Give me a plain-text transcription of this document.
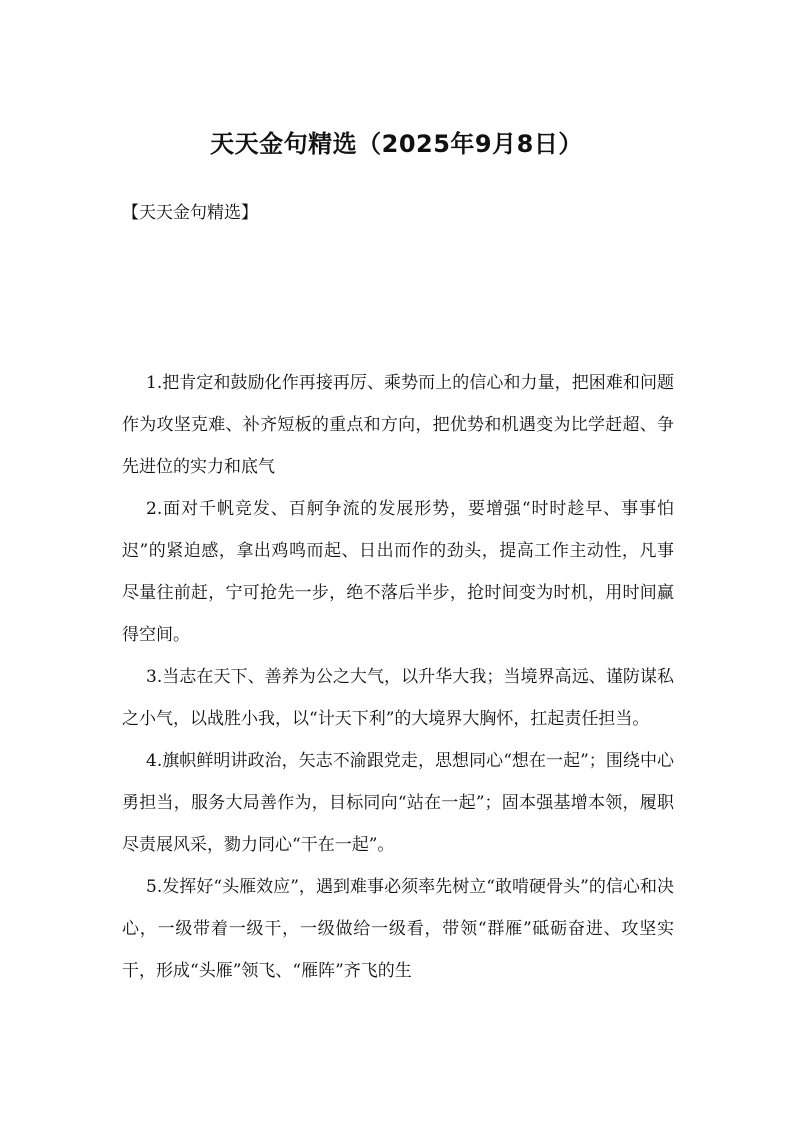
天天金句精选（2025年9月8日）

【天天金句精选】

1.把肯定和鼓励化作再接再厉、乘势而上的信心和力量，把困难和问题作为攻坚克难、补齐短板的重点和方向，把优势和机遇变为比学赶超、争先进位的实力和底气

2.面对千帆竞发、百舸争流的发展形势，要增强“时时趁早、事事怕迟”的紧迫感，拿出鸡鸣而起、日出而作的劲头，提高工作主动性，凡事尽量往前赶，宁可抢先一步，绝不落后半步，抢时间变为时机，用时间赢得空间。

3.当志在天下、善养为公之大气，以升华大我；当境界高远、谨防谋私之小气，以战胜小我，以“计天下利”的大境界大胸怀，扛起责任担当。

4.旗帜鲜明讲政治，矢志不渝跟党走，思想同心“想在一起”；围绕中心勇担当，服务大局善作为，目标同向“站在一起”；固本强基增本领，履职尽责展风采，勠力同心“干在一起”。

5.发挥好“头雁效应”，遇到难事必须率先树立“敢啃硬骨头”的信心和决心，一级带着一级干，一级做给一级看，带领“群雁”砥砺奋进、攻坚实干，形成“头雁”领飞、“雁阵”齐飞的生
